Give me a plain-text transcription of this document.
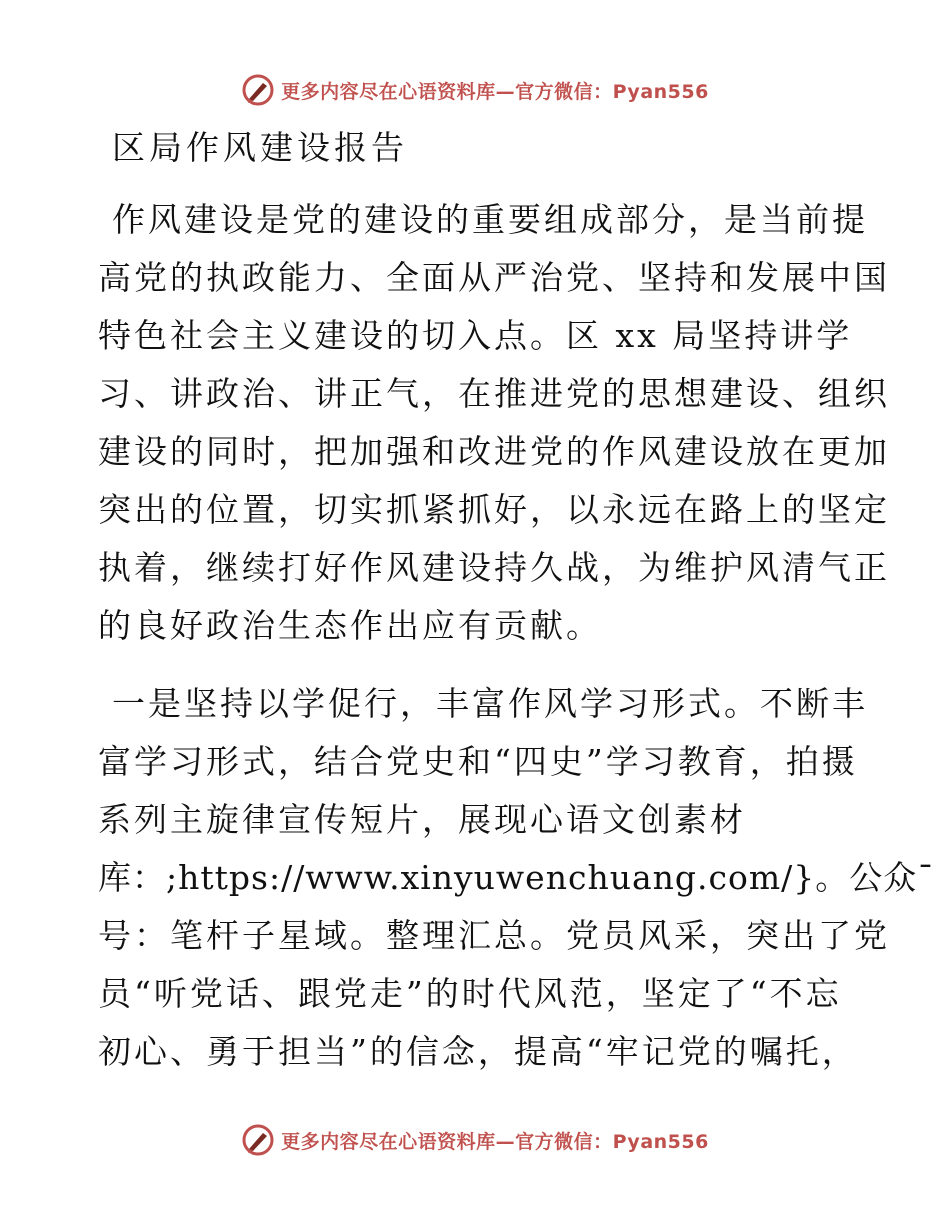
更多内容尽在心语资料库—官方微信：Pyan556
区局作风建设报告
作风建设是党的建设的重要组成部分，是当前提
高党的执政能力、全面从严治党、坚持和发展中国
特色社会主义建设的切入点。区 xx 局坚持讲学
习、讲政治、讲正气，在推进党的思想建设、组织
建设的同时，把加强和改进党的作风建设放在更加
突出的位置，切实抓紧抓好，以永远在路上的坚定
执着，继续打好作风建设持久战，为维护风清气正
的良好政治生态作出应有贡献。
一是坚持以学促行，丰富作风学习形式。不断丰
富学习形式，结合党史和“四史”学习教育，拍摄
系列主旋律宣传短片，展现心语文创素材
库：;https://www.xinyuwenchuang.com/}。公众¯
号：笔杆子星域。整理汇总。党员风采，突出了党
员“听党话、跟党走”的时代风范，坚定了“不忘
初心、勇于担当”的信念，提高“牢记党的嘱托，
更多内容尽在心语资料库—官方微信：Pyan556
